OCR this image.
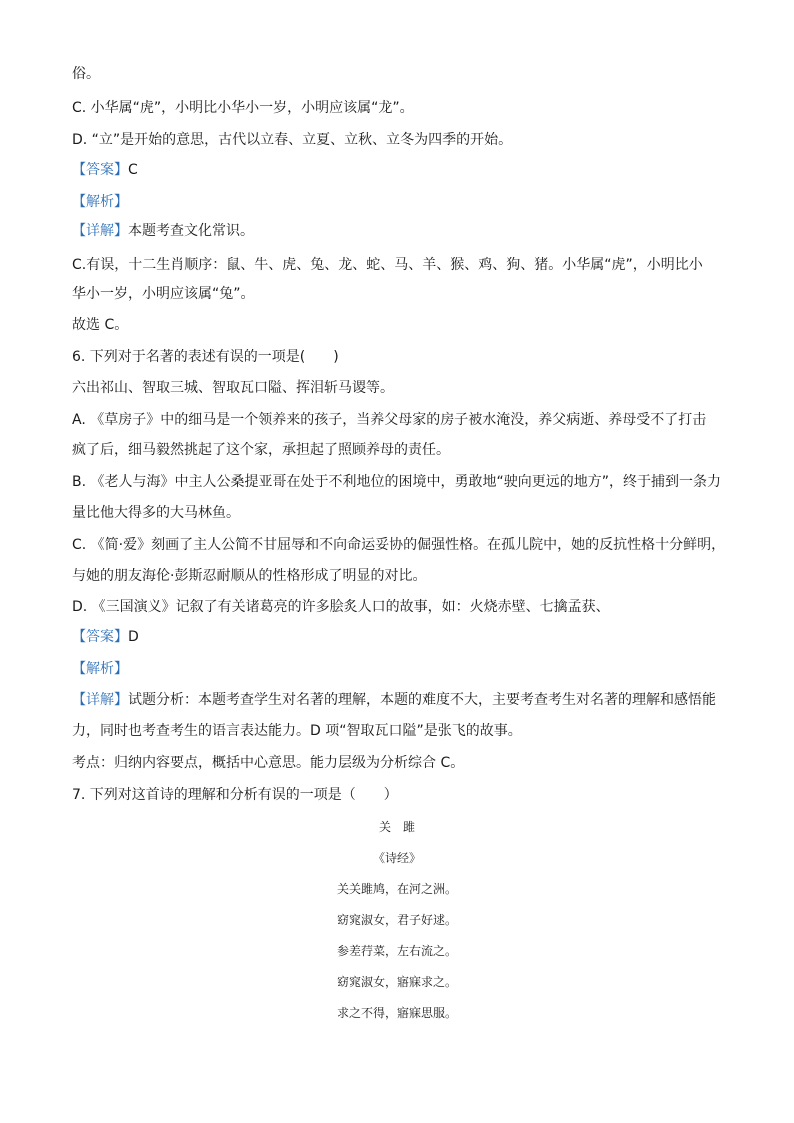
俗。
C. 小华属“虎”，小明比小华小一岁，小明应该属“龙”。
D. “立”是开始的意思，古代以立春、立夏、立秋、立冬为四季的开始。
【答案】C
【解析】
【详解】本题考查文化常识。
C.有误，十二生肖顺序：鼠、牛、虎、兔、龙、蛇、马、羊、猴、鸡、狗、猪。小华属“虎”，小明比小
华小一岁，小明应该属“兔”。
故选 C。
6. 下列对于名著的表述有误的一项是(　　)
六出祁山、智取三城、智取瓦口隘、挥泪斩马谡等。
A. 《草房子》中的细马是一个领养来的孩子，当养父母家的房子被水淹没，养父病逝、养母受不了打击
疯了后，细马毅然挑起了这个家，承担起了照顾养母的责任。
B. 《老人与海》中主人公桑提亚哥在处于不利地位的困境中，勇敢地“驶向更远的地方”，终于捕到一条力
量比他大得多的大马林鱼。
C. 《简·爱》刻画了主人公简不甘屈辱和不向命运妥协的倔强性格。在孤儿院中，她的反抗性格十分鲜明，
与她的朋友海伦·彭斯忍耐顺从的性格形成了明显的对比。
D. 《三国演义》记叙了有关诸葛亮的许多脍炙人口的故事，如：火烧赤壁、七擒孟获、
【答案】D
【解析】
【详解】试题分析：本题考查学生对名著的理解，本题的难度不大，主要考查考生对名著的理解和感悟能
力，同时也考查考生的语言表达能力。D 项“智取瓦口隘”是张飞的故事。
考点：归纳内容要点，概括中心意思。能力层级为分析综合 C。
7. 下列对这首诗的理解和分析有误的一项是（　　）
关　雎
《诗经》
关关雎鸠，在河之洲。
窈窕淑女，君子好逑。
参差荇菜，左右流之。
窈窕淑女，寤寐求之。
求之不得，寤寐思服。
